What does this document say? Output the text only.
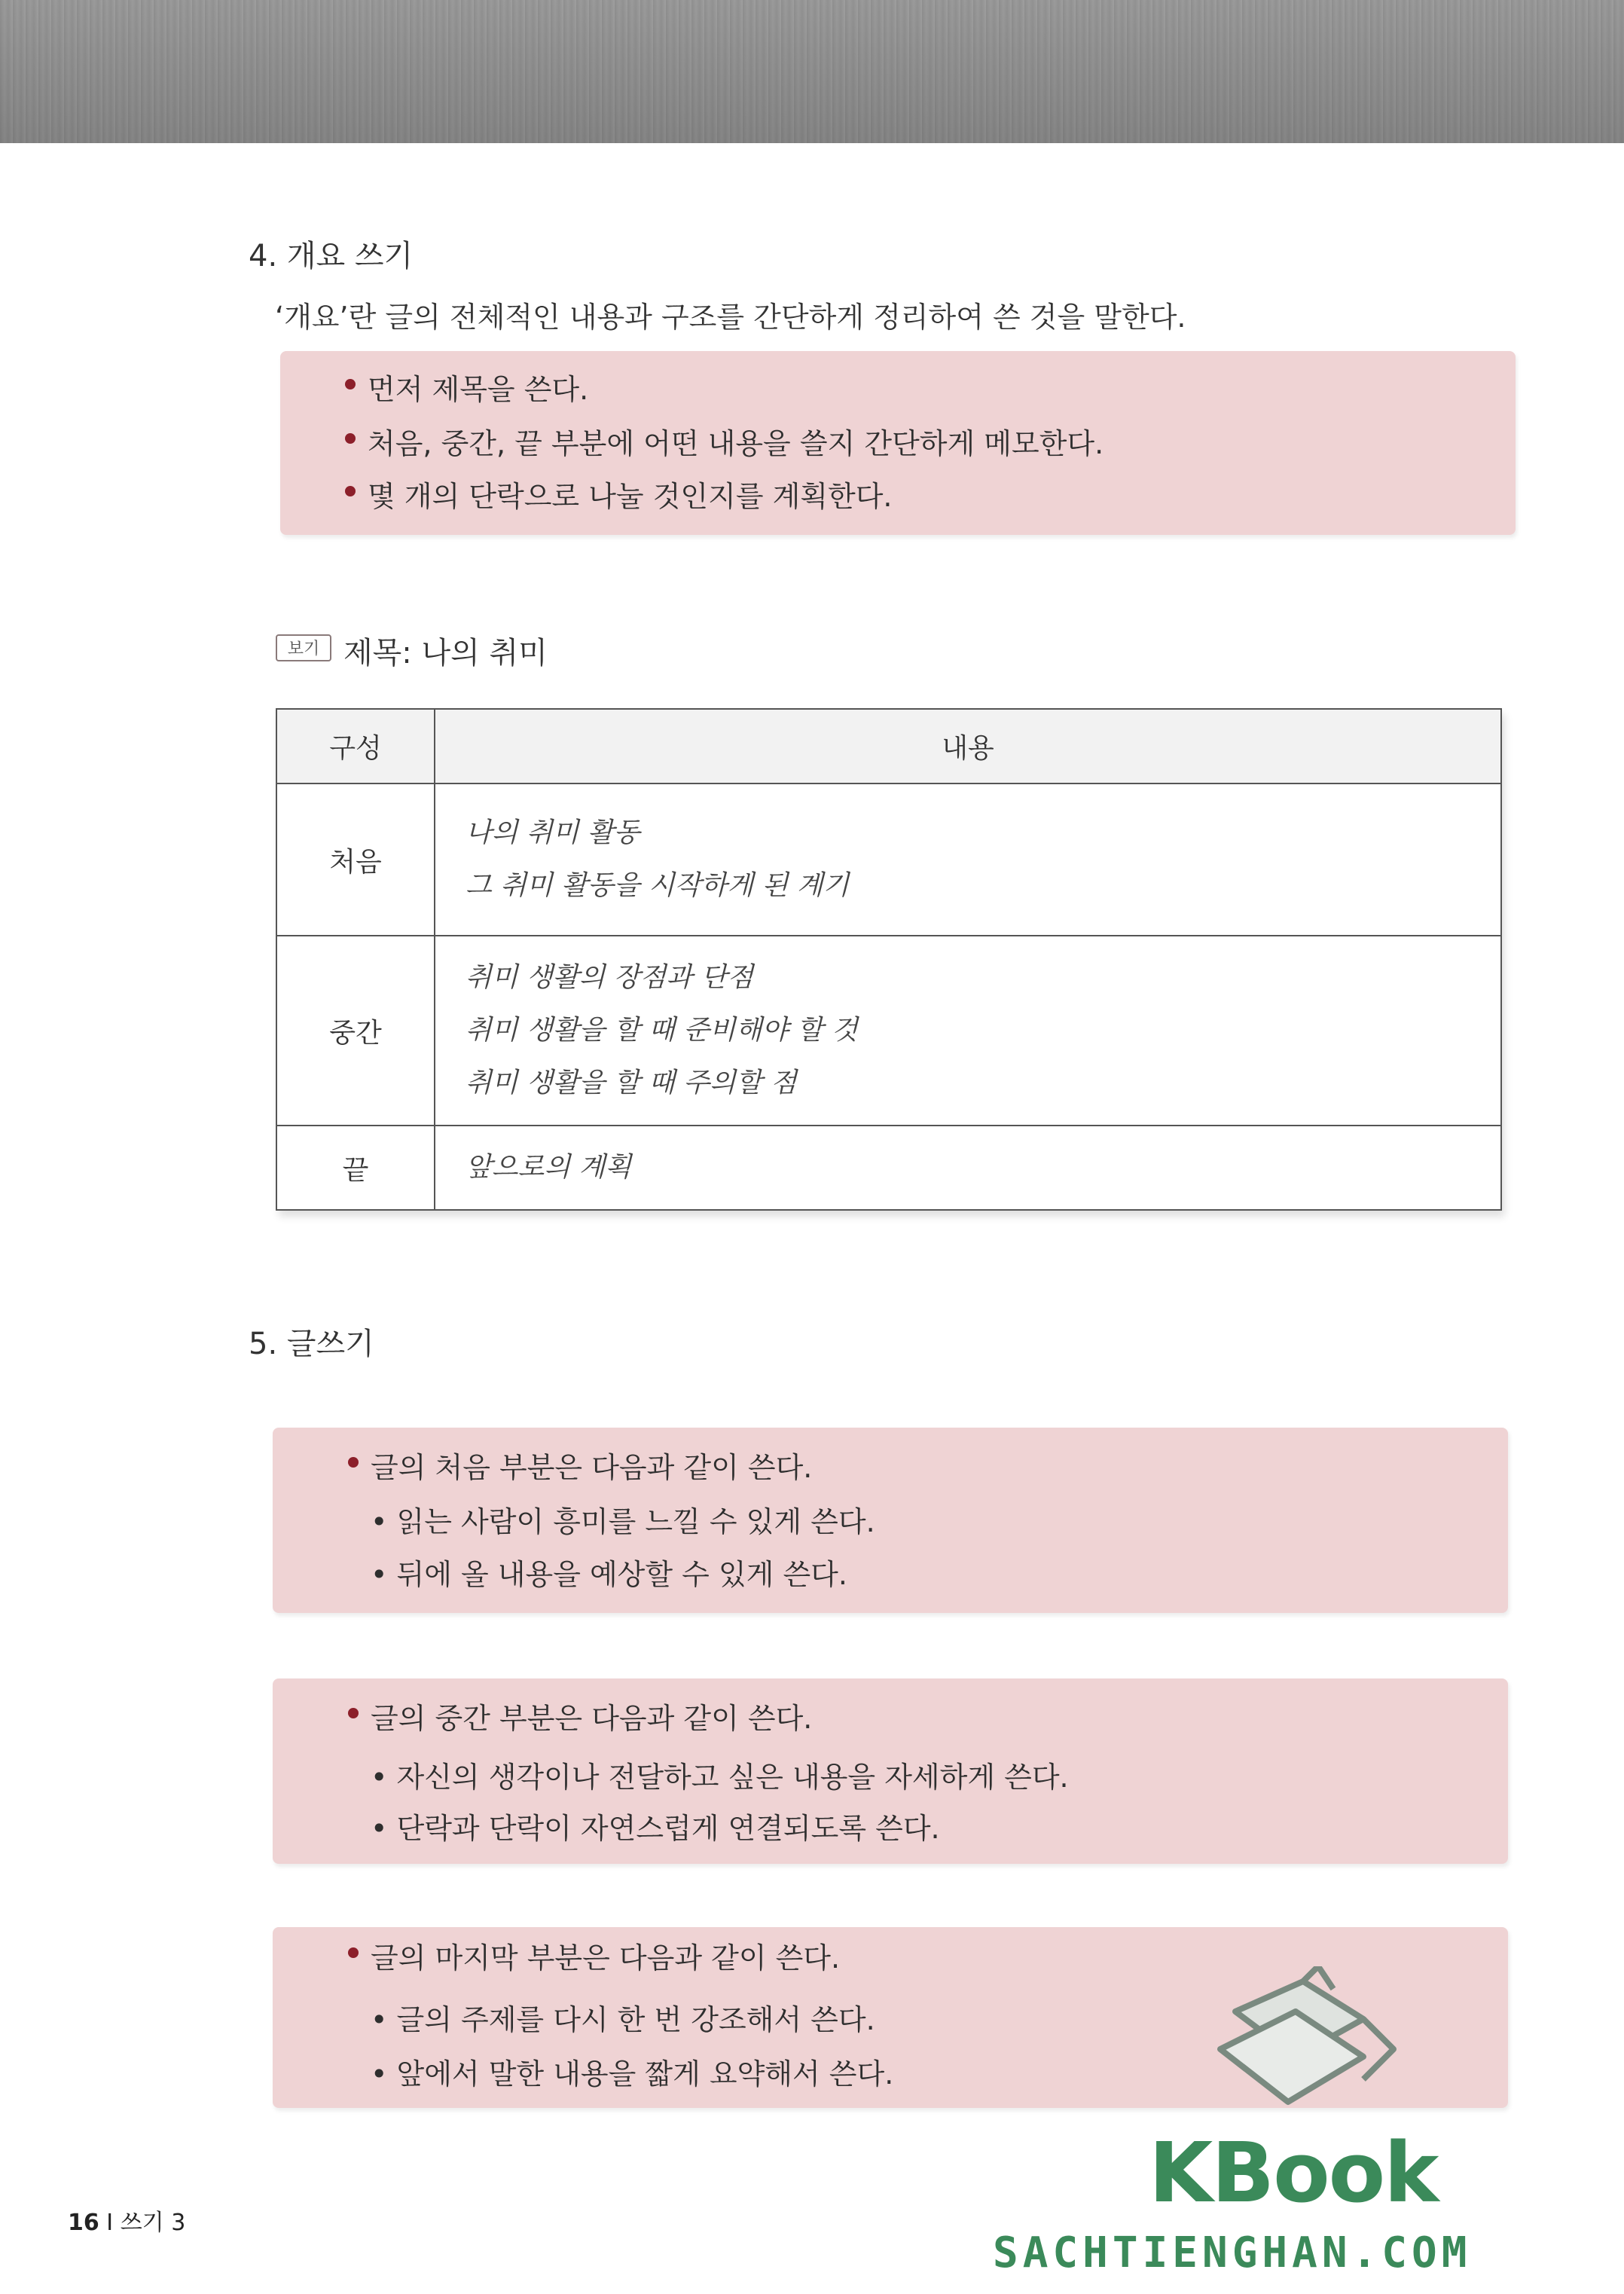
4. 개요 쓰기
‘개요’란 글의 전체적인 내용과 구조를 간단하게 정리하여 쓴 것을 말한다.
먼저 제목을 쓴다.
처음, 중간, 끝 부분에 어떤 내용을 쓸지 간단하게 메모한다.
몇 개의 단락으로 나눌 것인지를 계획한다.
보기 제목: 나의 취미
구성	내용
처음	나의 취미 활동
그 취미 활동을 시작하게 된 계기

중간	취미 생활의 장점과 단점
취미 생활을 할 때 준비해야 할 것
취미 생활을 할 때 주의할 점

끝	앞으로의 계획
5. 글쓰기
글의 처음 부분은 다음과 같이 쓴다.
• 읽는 사람이 흥미를 느낄 수 있게 쓴다.
• 뒤에 올 내용을 예상할 수 있게 쓴다.
글의 중간 부분은 다음과 같이 쓴다.
• 자신의 생각이나 전달하고 싶은 내용을 자세하게 쓴다.
• 단락과 단락이 자연스럽게 연결되도록 쓴다.
글의 마지막 부분은 다음과 같이 쓴다.
• 글의 주제를 다시 한 번 강조해서 쓴다.
• 앞에서 말한 내용을 짧게 요약해서 쓴다.
16 I 쓰기 3
KBook
SACHTIENGHAN.COM
